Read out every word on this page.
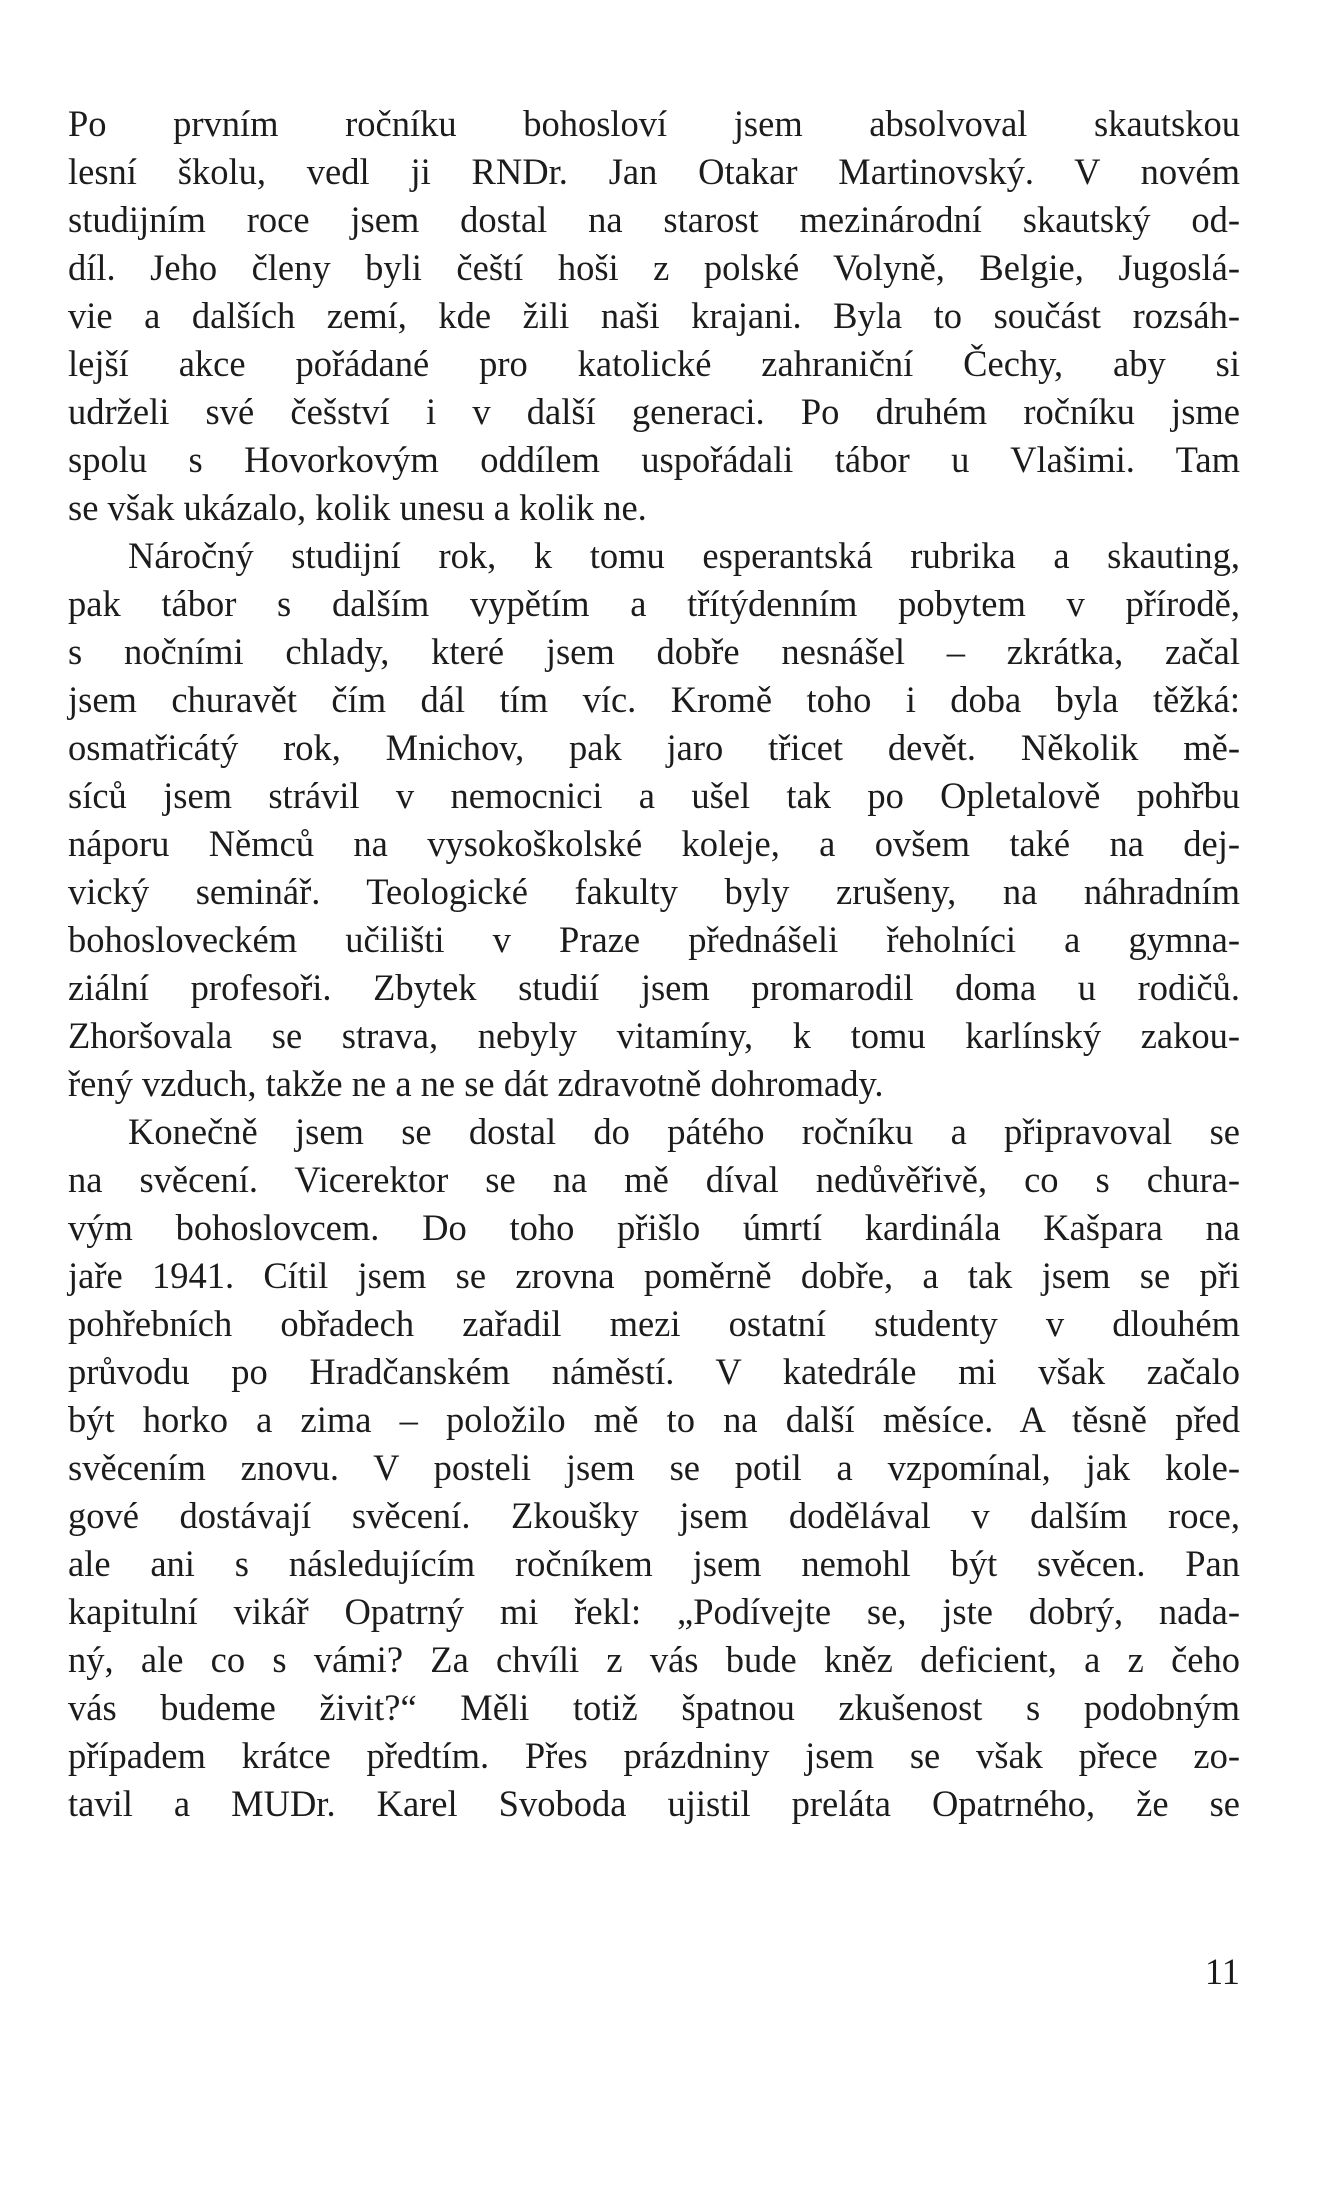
Po prvním ročníku bohosloví jsem absolvoval skautskou
lesní školu, vedl ji RNDr. Jan Otakar Martinovský. V novém
studijním roce jsem dostal na starost mezinárodní skautský od-
díl. Jeho členy byli čeští hoši z polské Volyně, Belgie, Jugoslá-
vie a dalších zemí, kde žili naši krajani. Byla to součást rozsáh-
lejší akce pořádané pro katolické zahraniční Čechy, aby si
udrželi své češství i v další generaci. Po druhém ročníku jsme
spolu s Hovorkovým oddílem uspořádali tábor u Vlašimi. Tam
se však ukázalo, kolik unesu a kolik ne.
Náročný studijní rok, k tomu esperantská rubrika a skauting,
pak tábor s dalším vypětím a třítýdenním pobytem v přírodě,
s nočními chlady, které jsem dobře nesnášel – zkrátka, začal
jsem churavět čím dál tím víc. Kromě toho i doba byla těžká:
osmatřicátý rok, Mnichov, pak jaro třicet devět. Několik mě-
síců jsem strávil v nemocnici a ušel tak po Opletalově pohřbu
náporu Němců na vysokoškolské koleje, a ovšem také na dej-
vický seminář. Teologické fakulty byly zrušeny, na náhradním
bohosloveckém učilišti v Praze přednášeli řeholníci a gymna-
ziální profesoři. Zbytek studií jsem promarodil doma u rodičů.
Zhoršovala se strava, nebyly vitamíny, k tomu karlínský zakou-
řený vzduch, takže ne a ne se dát zdravotně dohromady.
Konečně jsem se dostal do pátého ročníku a připravoval se
na svěcení. Vicerektor se na mě díval nedůvěřivě, co s chura-
vým bohoslovcem. Do toho přišlo úmrtí kardinála Kašpara na
jaře 1941. Cítil jsem se zrovna poměrně dobře, a tak jsem se při
pohřebních obřadech zařadil mezi ostatní studenty v dlouhém
průvodu po Hradčanském náměstí. V katedrále mi však začalo
být horko a zima – položilo mě to na další měsíce. A těsně před
svěcením znovu. V posteli jsem se potil a vzpomínal, jak kole-
gové dostávají svěcení. Zkoušky jsem dodělával v dalším roce,
ale ani s následujícím ročníkem jsem nemohl být svěcen. Pan
kapitulní vikář Opatrný mi řekl: „Podívejte se, jste dobrý, nada-
ný, ale co s vámi? Za chvíli z vás bude kněz deficient, a z čeho
vás budeme živit?“ Měli totiž špatnou zkušenost s podobným
případem krátce předtím. Přes prázdniny jsem se však přece zo-
tavil a MUDr. Karel Svoboda ujistil preláta Opatrného, že se
11
